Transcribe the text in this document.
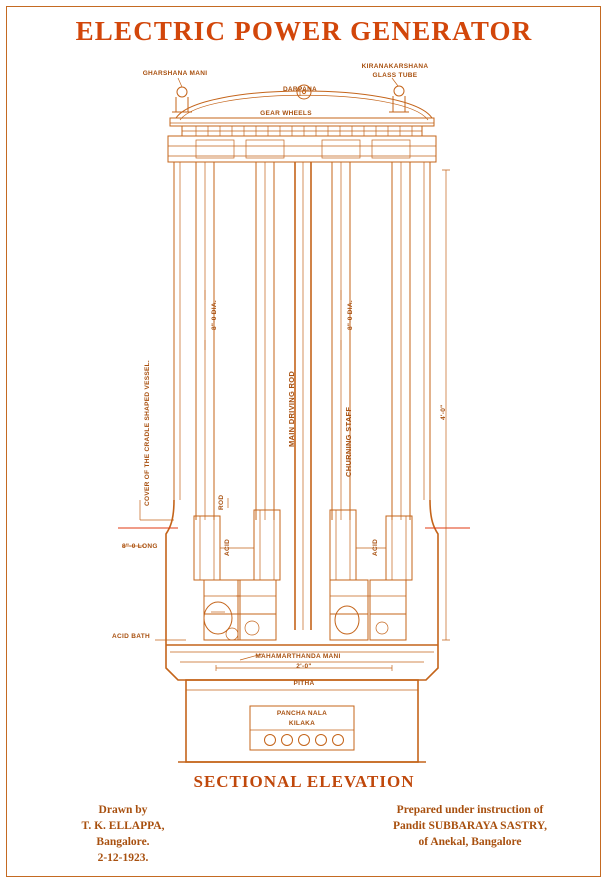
ELECTRIC POWER GENERATOR
GHARSHANA MANI
KIRANAKARSHANA
GLASS TUBE
DARPANA
GEAR WHEELS
8"-0 DIA.	8"-0 DIA.
MAIN DRIVING ROD	CHURNING STAFF
COVER OF THE CRADLE SHAPED VESSEL.	4'-0"
ROD
ACID	ACID
8"-0 LONG
ACID BATH
MAHAMARTHANDA MANI
2'-0"
PITHA
PANCHA NALA
KILAKA
SECTIONAL ELEVATION
Drawn by
T. K. ELLAPPA,
Bangalore.
2-12-1923.
Prepared under instruction of
Pandit SUBBARAYA SASTRY,
of Anekal, Bangalore
